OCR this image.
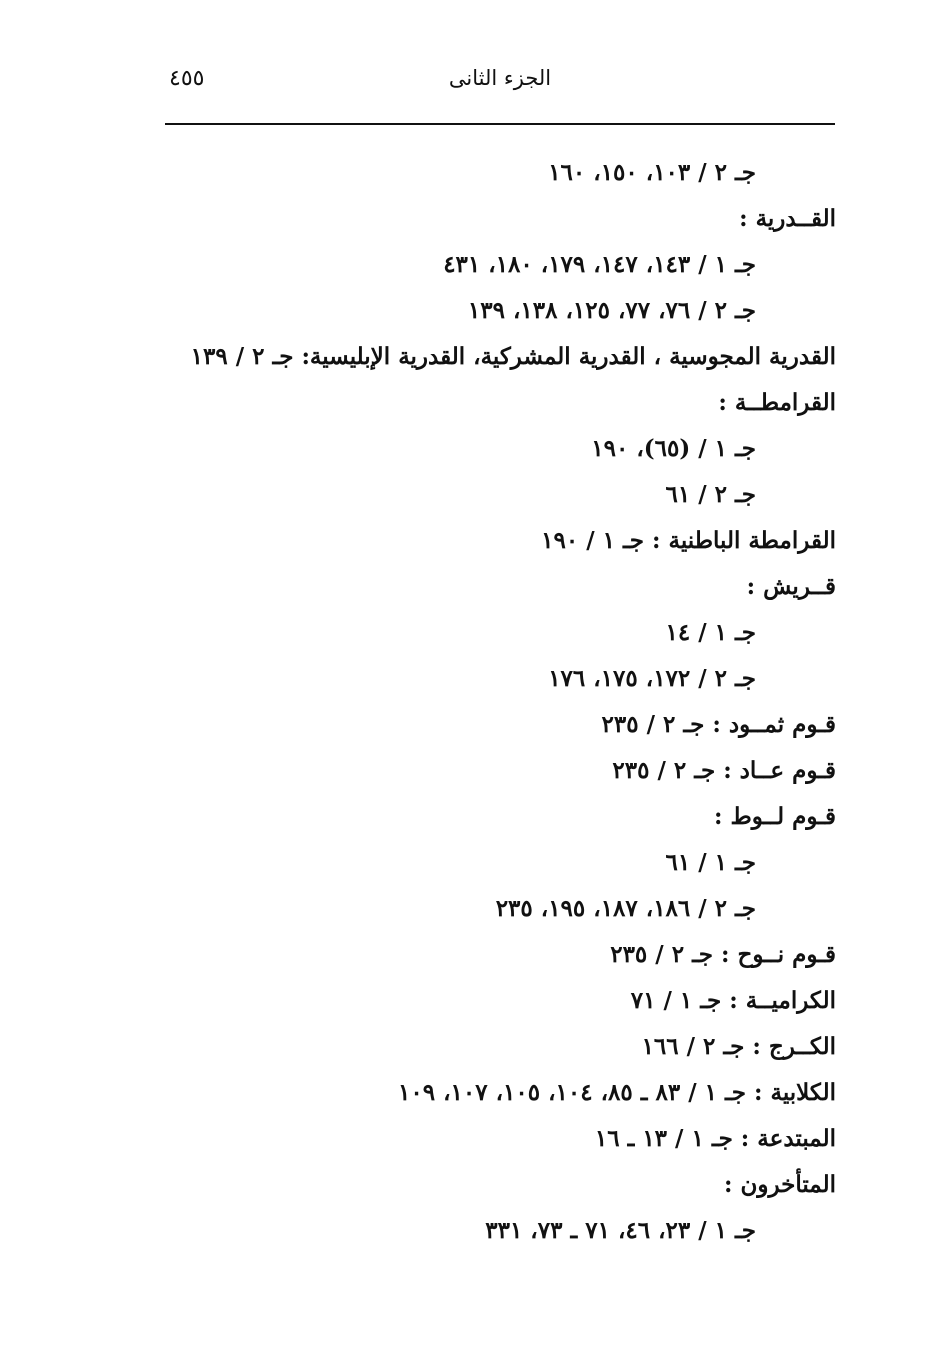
٤٥٥	الجزء الثانى
جـ ٢ / ١٠٣، ١٥٠، ١٦٠
القــدرية :
جـ ١ / ١٤٣، ١٤٧، ١٧٩، ١٨٠، ٤٣١
جـ ٢ / ٧٦، ٧٧، ١٢٥، ١٣٨، ١٣٩
القدرية المجوسية ، القدرية المشركية، القدرية الإبليسية: جـ ٢ / ١٣٩
القرامطــة :
جـ ١ / (٦٥)، ١٩٠
جـ ٢ / ٦١
القرامطة الباطنية : جـ ١ / ١٩٠
قــريش :
جـ ١ / ١٤
جـ ٢ / ١٧٢، ١٧٥، ١٧٦
قـوم ثمــود : جـ ٢ / ٢٣٥
قـوم عــاد : جـ ٢ / ٢٣٥
قـوم لــوط :
جـ ١ / ٦١
جـ ٢ / ١٨٦، ١٨٧، ١٩٥، ٢٣٥
قـوم نــوح : جـ ٢ / ٢٣٥
الكراميــة : جـ ١ / ٧١
الكــرج : جـ ٢ / ١٦٦
الكلابية : جـ ١ / ٨٣ ـ ٨٥، ١٠٤، ١٠٥، ١٠٧، ١٠٩
المبتدعة : جـ ١ / ١٣ ـ ١٦
المتأخرون :
جـ ١ / ٢٣، ٤٦، ٧١ ـ ٧٣، ٣٣١
